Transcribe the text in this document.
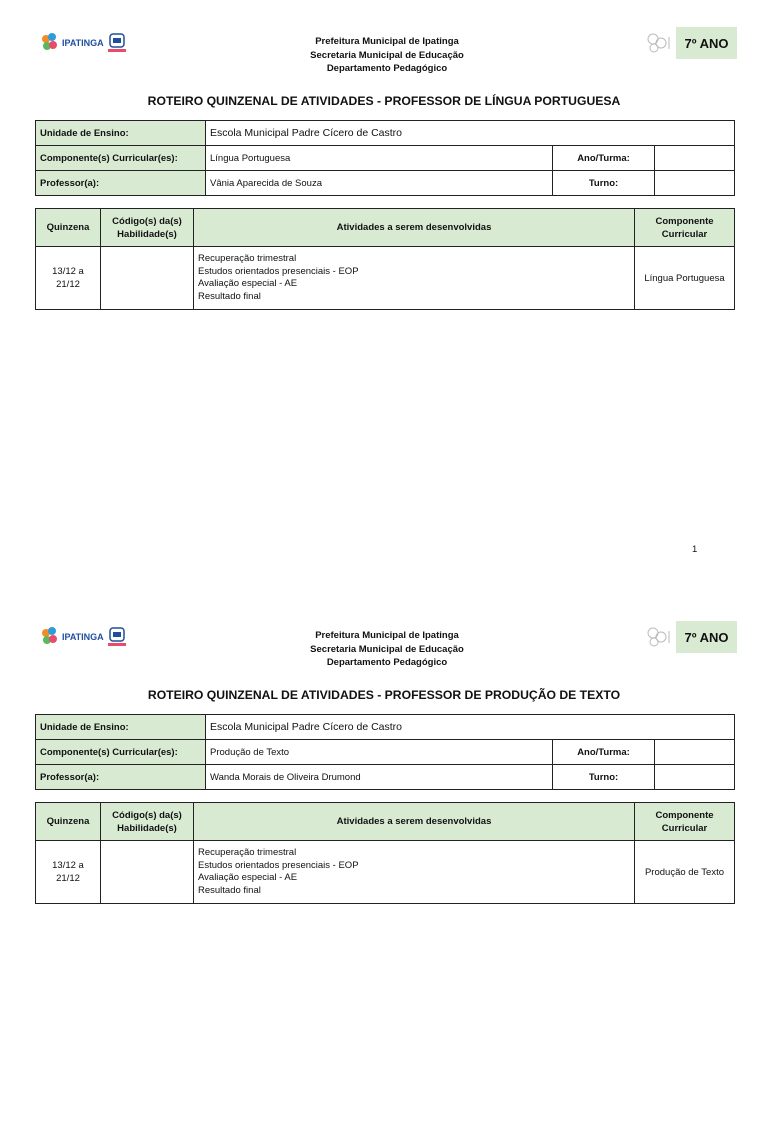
IPATINGA	Prefeitura Municipal de Ipatinga
Secretaria Municipal de Educação
Departamento Pedagógico
7º ANO
ROTEIRO QUINZENAL DE ATIVIDADES - PROFESSOR DE LÍNGUA PORTUGUESA
Unidade de Ensino:	Escola Municipal Padre Cícero de Castro		
Componente(s) Curricular(es):	Língua Portuguesa	Ano/Turma:	
Professor(a):	Vânia Aparecida de Souza	Turno:	
Quinzena	Código(s) da(s) Habilidade(s)	Atividades a serem desenvolvidas	Componente Curricular
13/12 a 21/12		Recuperação trimestral
Estudos orientados presenciais - EOP
Avaliação especial - AE
Resultado final	Língua Portuguesa
1
IPATINGA	Prefeitura Municipal de Ipatinga
Secretaria Municipal de Educação
Departamento Pedagógico
7º ANO
ROTEIRO QUINZENAL DE ATIVIDADES - PROFESSOR DE PRODUÇÃO DE TEXTO
Unidade de Ensino:	Escola Municipal Padre Cícero de Castro		
Componente(s) Curricular(es):	Produção de Texto	Ano/Turma:	
Professor(a):	Wanda Morais de Oliveira Drumond	Turno:	
Quinzena	Código(s) da(s) Habilidade(s)	Atividades a serem desenvolvidas	Componente Curricular
13/12 a 21/12		Recuperação trimestral
Estudos orientados presenciais - EOP
Avaliação especial - AE
Resultado final	Produção de Texto
